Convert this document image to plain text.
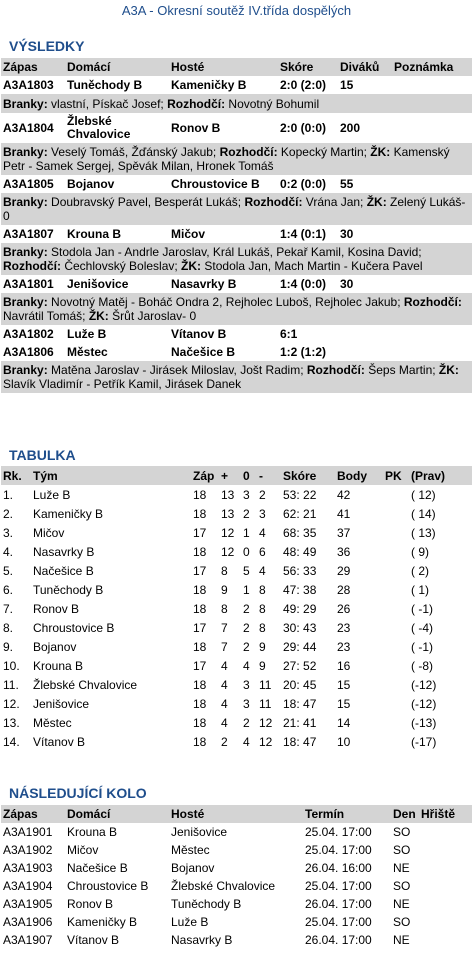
A3A - Okresní soutěž IV.třída dospělých
VÝSLEDKY
Zápas	Domácí	Hosté	Skóre	Diváků	Poznámka
A3A1803	Tuněchody B	Kameničky B	2:0 (2:0)	15	
Branky: vlastní, Pískač Josef; Rozhodčí: Novotný Bohumil					
A3A1804	Žlebské Chvalovice	Ronov B	2:0 (0:0)	200	
Branky: Veselý Tomáš, Žďánský Jakub; Rozhodčí: Kopecký Martin; ŽK: Kamenský Petr - Samek Sergej, Spěvák Milan, Hronek Tomáš					
A3A1805	Bojanov	Chroustovice B	0:2 (0:0)	55	
Branky: Doubravský Pavel, Besperát Lukáš; Rozhodčí: Vrána Jan; ŽK: Zelený Lukáš- 0					
A3A1807	Krouna B	Mičov	1:4 (0:1)	30	
Branky: Stodola Jan - Andrle Jaroslav, Král Lukáš, Pekař Kamil, Kosina David; Rozhodčí: Čechlovský Boleslav; ŽK: Stodola Jan, Mach Martin - Kučera Pavel					
A3A1801	Jenišovice	Nasavrky B	1:4 (0:0)	30	
Branky: Novotný Matěj - Boháč Ondra 2, Rejholec Luboš, Rejholec Jakub; Rozhodčí: Navrátil Tomáš; ŽK: Šrůt Jaroslav- 0					
A3A1802	Luže B	Vítanov B	6:1		
A3A1806	Městec	Načešice B	1:2 (1:2)		
Branky: Matěna Jaroslav - Jirásek Miloslav, Jošt Radim; Rozhodčí: Šeps Martin; ŽK: Slavík Vladimír - Petřík Kamil, Jirásek Danek					
TABULKA
Rk.	Tým	Záp	+	0	-	Skóre	Body	PK	(Prav)
1.	Luže B	18	13	3	2	53: 22	42		( 12)
2.	Kameničky B	18	13	2	3	62: 21	41		( 14)
3.	Mičov	17	12	1	4	68: 35	37		( 13)
4.	Nasavrky B	18	12	0	6	48: 49	36		( 9)
5.	Načešice B	17	8	5	4	56: 33	29		( 2)
6.	Tuněchody B	18	9	1	8	47: 38	28		( 1)
7.	Ronov B	18	8	2	8	49: 29	26		( -1)
8.	Chroustovice B	17	7	2	8	30: 43	23		( -4)
9.	Bojanov	18	7	2	9	29: 44	23		( -1)
10.	Krouna B	17	4	4	9	27: 52	16		( -8)
11.	Žlebské Chvalovice	18	4	3	11	20: 45	15		(-12)
12.	Jenišovice	18	4	3	11	18: 47	15		(-12)
13.	Městec	18	4	2	12	21: 41	14		(-13)
14.	Vítanov B	18	2	4	12	18: 47	10		(-17)
NÁSLEDUJÍCÍ KOLO
Zápas	Domácí	Hosté	Termín	Den	Hřiště
A3A1901	Krouna B	Jenišovice	25.04. 17:00	SO	
A3A1902	Mičov	Městec	25.04. 17:00	SO	
A3A1903	Načešice B	Bojanov	26.04. 16:00	NE	
A3A1904	Chroustovice B	Žlebské Chvalovice	25.04. 17:00	SO	
A3A1905	Ronov B	Tuněchody B	26.04. 17:00	NE	
A3A1906	Kameničky B	Luže B	25.04. 17:00	SO	
A3A1907	Vítanov B	Nasavrky B	26.04. 17:00	NE	
